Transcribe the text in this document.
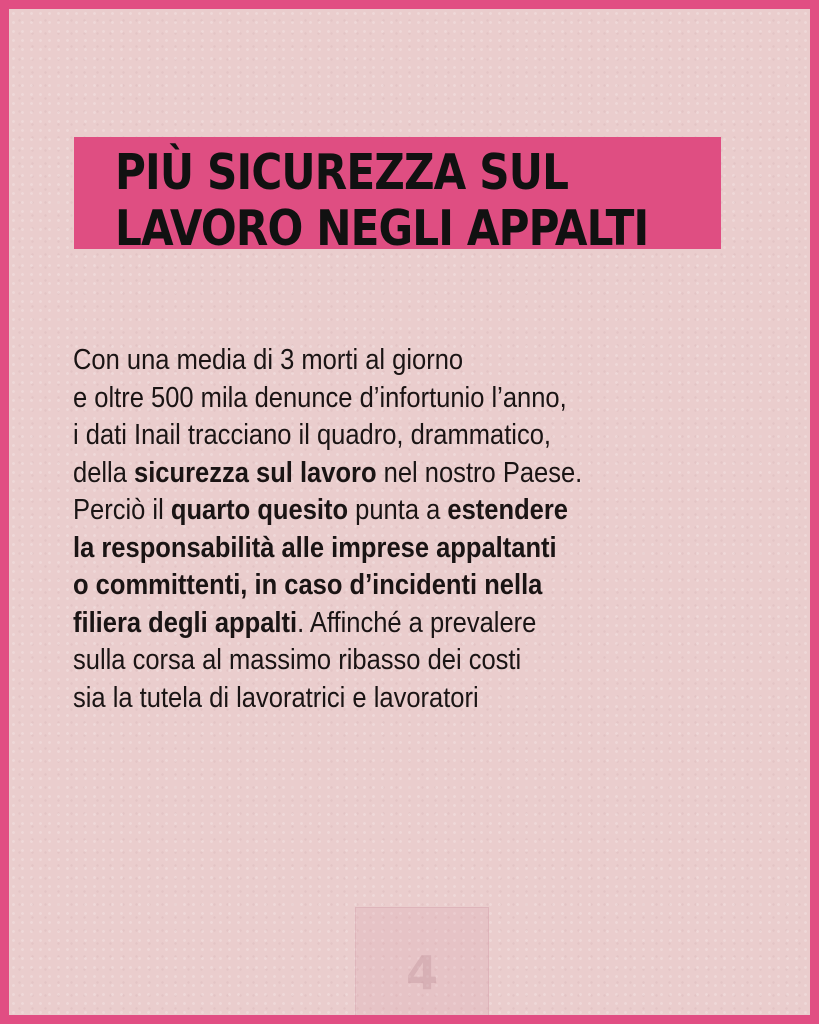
PIÙ SICUREZZA SUL
LAVORO NEGLI APPALTI

Con una media di 3 morti al giorno
e oltre 500 mila denunce d’infortunio l’anno,
i dati Inail tracciano il quadro, drammatico,
della sicurezza sul lavoro nel nostro Paese.
Perciò il quarto quesito punta a estendere
la responsabilità alle imprese appaltanti
o committenti, in caso d’incidenti nella
filiera degli appalti. Affinché a prevalere
sulla corsa al massimo ribasso dei costi
sia la tutela di lavoratrici e lavoratori

4
